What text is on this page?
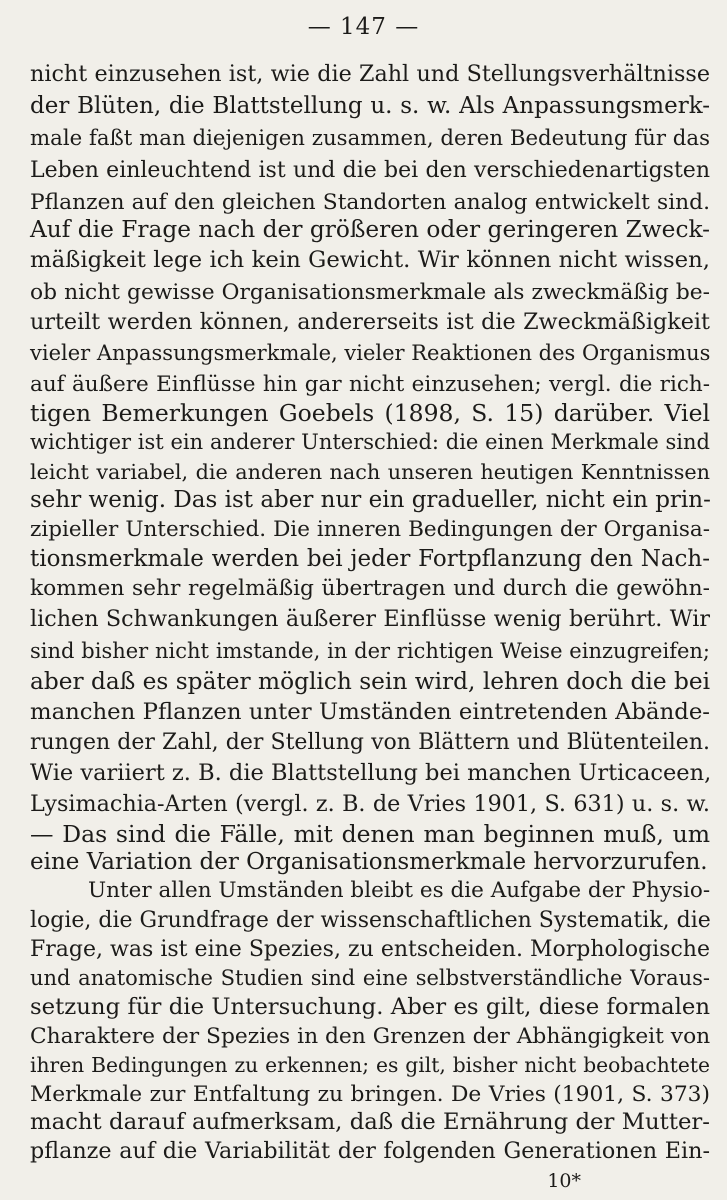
— 147 —
nicht einzusehen ist, wie die Zahl und Stellungsverhältnisse
der Blüten, die Blattstellung u. s. w. Als Anpassungsmerk-
male faßt man diejenigen zusammen, deren Bedeutung für das
Leben einleuchtend ist und die bei den verschiedenartigsten
Pflanzen auf den gleichen Standorten analog entwickelt sind.
Auf die Frage nach der größeren oder geringeren Zweck-
mäßigkeit lege ich kein Gewicht. Wir können nicht wissen,
ob nicht gewisse Organisationsmerkmale als zweckmäßig be-
urteilt werden können, andererseits ist die Zweckmäßigkeit
vieler Anpassungsmerkmale, vieler Reaktionen des Organismus
auf äußere Einflüsse hin gar nicht einzusehen; vergl. die rich-
tigen Bemerkungen Goebels (1898, S. 15) darüber. Viel
wichtiger ist ein anderer Unterschied: die einen Merkmale sind
leicht variabel, die anderen nach unseren heutigen Kenntnissen
sehr wenig. Das ist aber nur ein gradueller, nicht ein prin-
zipieller Unterschied. Die inneren Bedingungen der Organisa-
tionsmerkmale werden bei jeder Fortpflanzung den Nach-
kommen sehr regelmäßig übertragen und durch die gewöhn-
lichen Schwankungen äußerer Einflüsse wenig berührt. Wir
sind bisher nicht imstande, in der richtigen Weise einzugreifen;
aber daß es später möglich sein wird, lehren doch die bei
manchen Pflanzen unter Umständen eintretenden Abände-
rungen der Zahl, der Stellung von Blättern und Blütenteilen.
Wie variiert z. B. die Blattstellung bei manchen Urticaceen,
Lysimachia-Arten (vergl. z. B. de Vries 1901, S. 631) u. s. w.
— Das sind die Fälle, mit denen man beginnen muß, um
eine Variation der Organisationsmerkmale hervorzurufen.
Unter allen Umständen bleibt es die Aufgabe der Physio-
logie, die Grundfrage der wissenschaftlichen Systematik, die
Frage, was ist eine Spezies, zu entscheiden. Morphologische
und anatomische Studien sind eine selbstverständliche Voraus-
setzung für die Untersuchung. Aber es gilt, diese formalen
Charaktere der Spezies in den Grenzen der Abhängigkeit von
ihren Bedingungen zu erkennen; es gilt, bisher nicht beobachtete
Merkmale zur Entfaltung zu bringen. De Vries (1901, S. 373)
macht darauf aufmerksam, daß die Ernährung der Mutter-
pflanze auf die Variabilität der folgenden Generationen Ein-
10*
